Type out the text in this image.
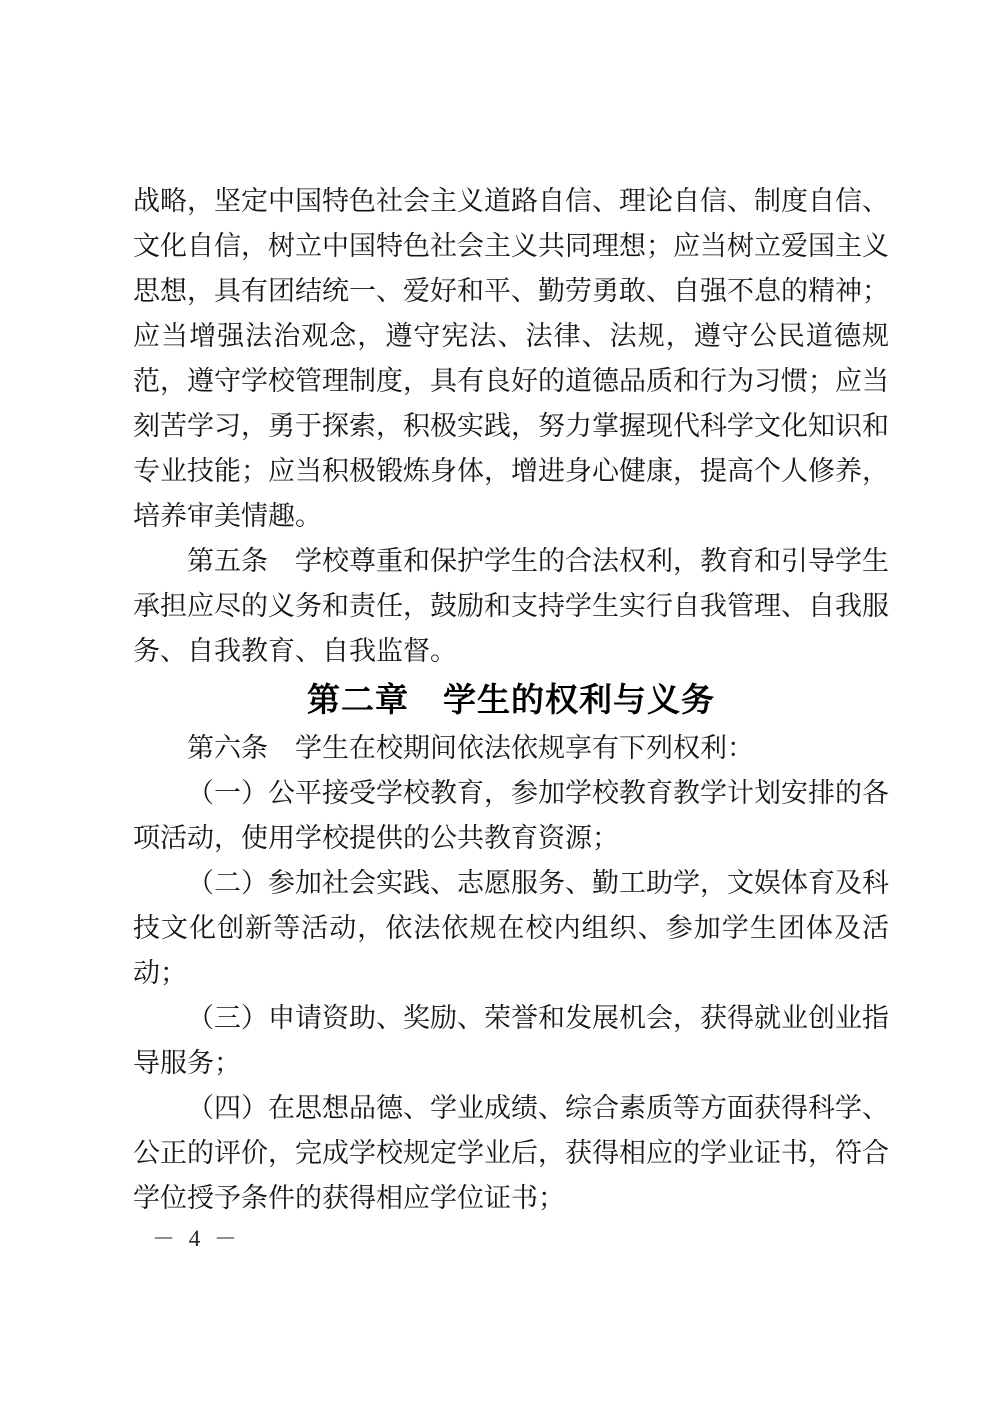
战略，坚定中国特色社会主义道路自信、理论自信、制度自信、文化自信，树立中国特色社会主义共同理想；应当树立爱国主义思想，具有团结统一、爱好和平、勤劳勇敢、自强不息的精神；应当增强法治观念，遵守宪法、法律、法规，遵守公民道德规范，遵守学校管理制度，具有良好的道德品质和行为习惯；应当刻苦学习，勇于探索，积极实践，努力掌握现代科学文化知识和专业技能；应当积极锻炼身体，增进身心健康，提高个人修养，培养审美情趣。

第五条　学校尊重和保护学生的合法权利，教育和引导学生承担应尽的义务和责任，鼓励和支持学生实行自我管理、自我服务、自我教育、自我监督。

第二章　学生的权利与义务

第六条　学生在校期间依法依规享有下列权利：

（一）公平接受学校教育，参加学校教育教学计划安排的各项活动，使用学校提供的公共教育资源；

（二）参加社会实践、志愿服务、勤工助学，文娱体育及科技文化创新等活动，依法依规在校内组织、参加学生团体及活动；

（三）申请资助、奖励、荣誉和发展机会，获得就业创业指导服务；

（四）在思想品德、学业成绩、综合素质等方面获得科学、公正的评价，完成学校规定学业后，获得相应的学业证书，符合学位授予条件的获得相应学位证书；

－ 4 －
